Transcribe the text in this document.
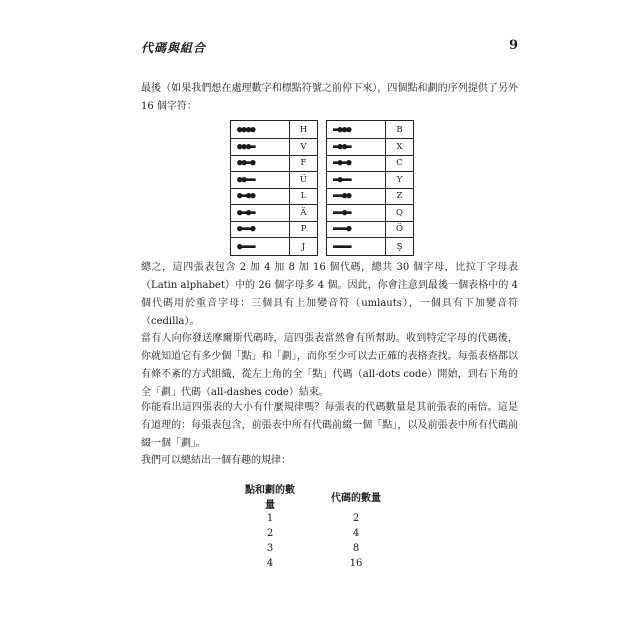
代碼與組合	9

最後（如果我們想在處理數字和標點符號之前停下來），四個點和劃的序列提供了另外 16 個字符：

●●●●	H
●●●▬	V
●●▬●	F
●●▬▬	Ü
●▬●●	L
●▬●▬	Ä
●▬▬●	P
●▬▬▬	J
▬●●●	B
▬●●▬	X
▬●▬●	C
▬●▬▬	Y
▬▬●●	Z
▬▬●▬	Q
▬▬▬●	Ö
▬▬▬▬	Ş

總之，這四張表包含 2 加 4 加 8 加 16 個代碼，總共 30 個字母，比拉丁字母表（Latin alphabet）中的 26 個字母多 4 個。因此，你會注意到最後一個表格中的 4 個代碼用於重音字母：三個具有上加變音符（umlauts），一個具有下加變音符（cedilla）。

當有人向你發送摩爾斯代碼時，這四張表當然會有所幫助。收到特定字母的代碼後，你就知道它有多少個「點」和「劃」，而你至少可以去正確的表格查找。每張表格都以有條不紊的方式組織，從左上角的全「點」代碼（all-dots code）開始，到右下角的全「劃」代碼（all-dashes code）結束。

你能看出這四張表的大小有什麼規律嗎？每張表的代碼數量是其前張表的兩倍。這是有道理的：每張表包含，前張表中所有代碼前綴一個「點」，以及前張表中所有代碼前綴一個「劃」。

我們可以總結出一個有趣的規律：

點和劃的數量		代碼的數量
1		2
2		4
3		8
4		16
